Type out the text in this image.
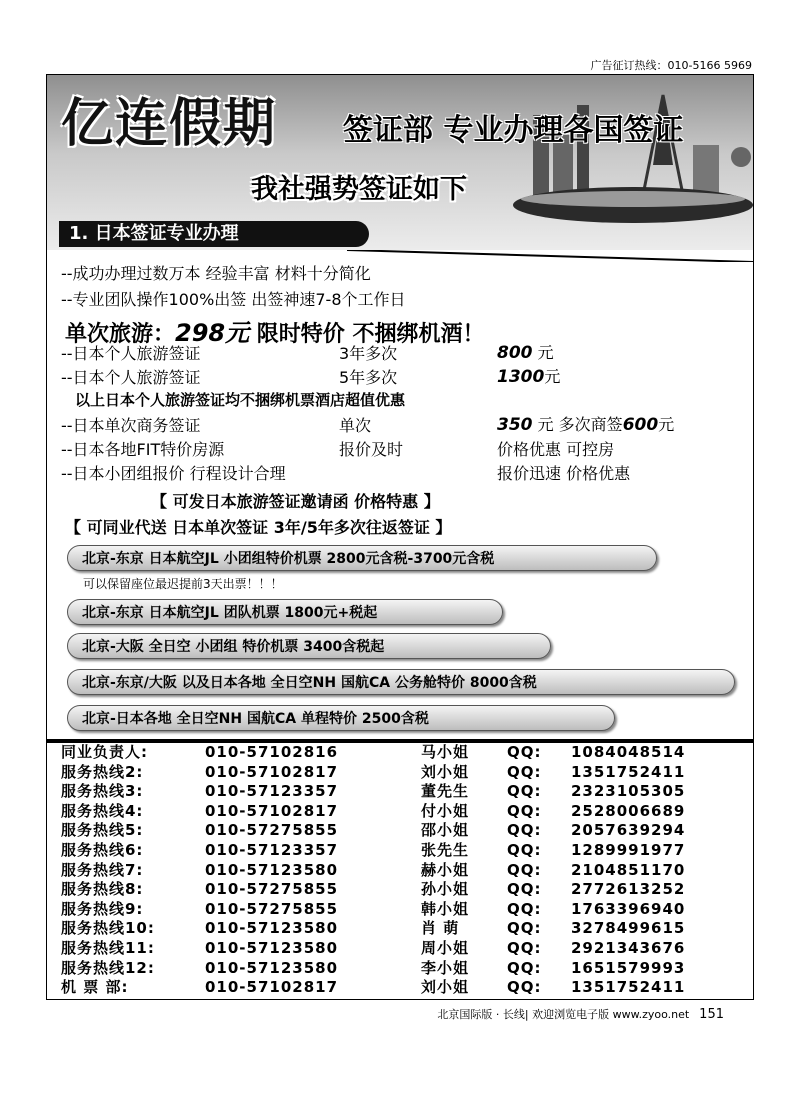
广告征订热线：010-5166 5969
亿连假期 签证部 专业办理各国签证
我社强势签证如下
1. 日本签证专业办理
--成功办理过数万本 经验丰富 材料十分简化
--专业团队操作100%出签 出签神速7-8个工作日
单次旅游：298元 限时特价 不捆绑机酒！
--日本个人旅游签证	3年多次	800 元
--日本个人旅游签证	5年多次	1300元
以上日本个人旅游签证均不捆绑机票酒店超值优惠
--日本单次商务签证	单次	350 元 多次商签600元
--日本各地FIT特价房源	报价及时	价格优惠 可控房
--日本小团组报价 行程设计合理	报价迅速 价格优惠
【 可发日本旅游签证邀请函 价格特惠 】
【 可同业代送 日本单次签证 3年/5年多次往返签证 】
北京-东京 日本航空JL 小团组特价机票 2800元含税-3700元含税
可以保留座位最迟提前3天出票！！！
北京-东京 日本航空JL 团队机票 1800元+税起
北京-大阪 全日空 小团组 特价机票 3400含税起
北京-东京/大阪 以及日本各地 全日空NH 国航CA 公务舱特价 8000含税
北京-日本各地 全日空NH 国航CA 单程特价 2500含税
同业负责人:	010-57102816	马小姐	QQ: 1084048514
服务热线2:	010-57102817	刘小姐	QQ: 1351752411
服务热线3:	010-57123357	董先生	QQ: 2323105305
服务热线4:	010-57102817	付小姐	QQ: 2528006689
服务热线5:	010-57275855	邵小姐	QQ: 2057639294
服务热线6:	010-57123357	张先生	QQ: 1289991977
服务热线7:	010-57123580	赫小姐	QQ: 2104851170
服务热线8:	010-57275855	孙小姐	QQ: 2772613252
服务热线9:	010-57275855	韩小姐	QQ: 1763396940
服务热线10:	010-57123580	肖 萌	QQ: 3278499615
服务热线11:	010-57123580	周小姐	QQ: 2921343676
服务热线12:	010-57123580	李小姐	QQ: 1651579993
机 票 部:	010-57102817	刘小姐	QQ: 1351752411
北京国际版 · 长线| 欢迎浏览电子版 www.zyoo.net 151
